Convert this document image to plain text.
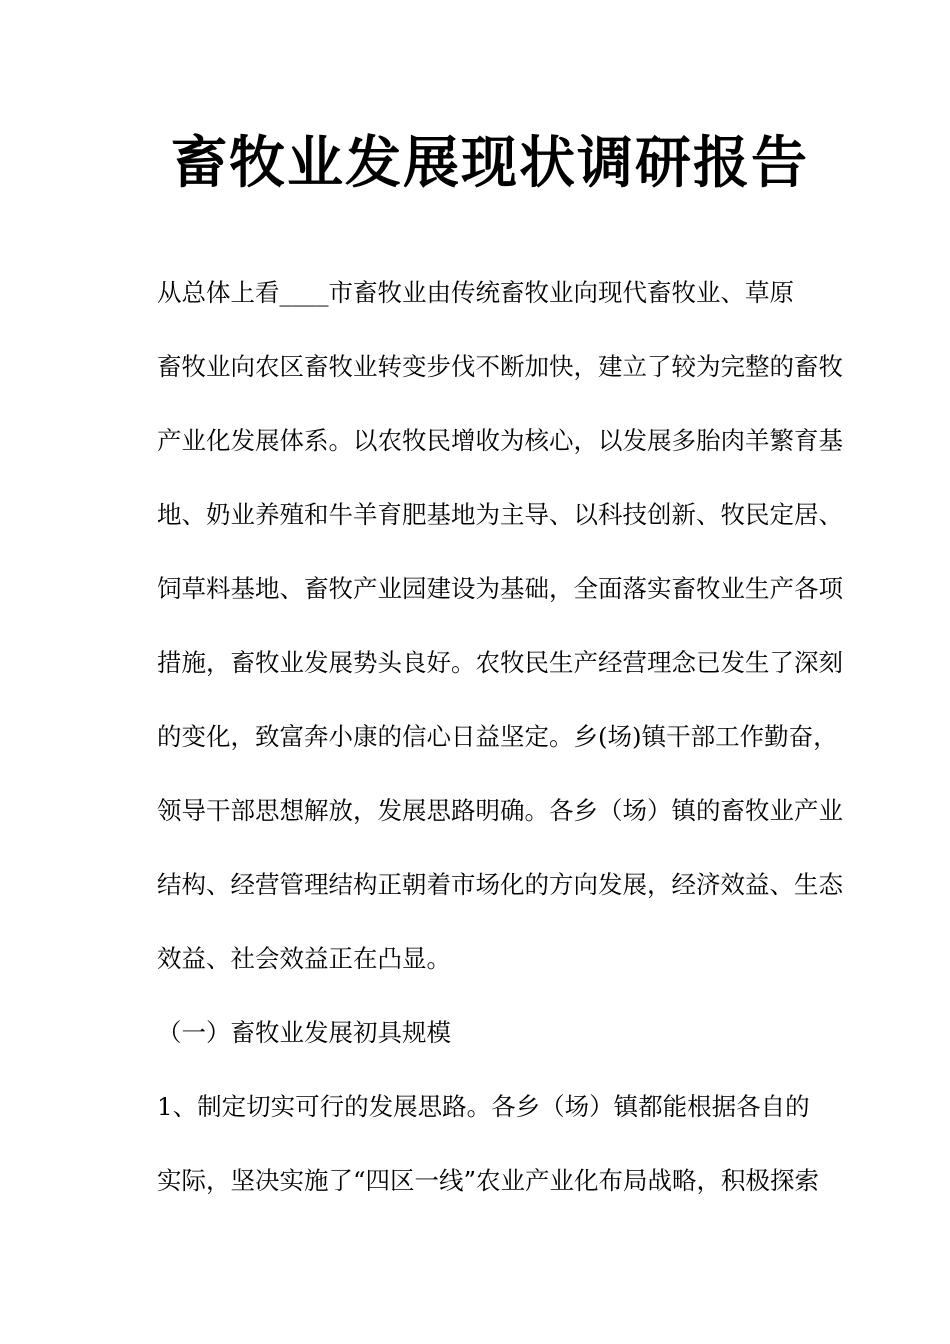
畜牧业发展现状调研报告
从总体上看____市畜牧业由传统畜牧业向现代畜牧业、草原
畜牧业向农区畜牧业转变步伐不断加快，建立了较为完整的畜牧
产业化发展体系。以农牧民增收为核心，以发展多胎肉羊繁育基
地、奶业养殖和牛羊育肥基地为主导、以科技创新、牧民定居、
饲草料基地、畜牧产业园建设为基础，全面落实畜牧业生产各项
措施，畜牧业发展势头良好。农牧民生产经营理念已发生了深刻
的变化，致富奔小康的信心日益坚定。乡(场)镇干部工作勤奋，
领导干部思想解放，发展思路明确。各乡（场）镇的畜牧业产业
结构、经营管理结构正朝着市场化的方向发展，经济效益、生态
效益、社会效益正在凸显。
（一）畜牧业发展初具规模
1、制定切实可行的发展思路。各乡（场）镇都能根据各自的
实际，坚决实施了“四区一线”农业产业化布局战略，积极探索
